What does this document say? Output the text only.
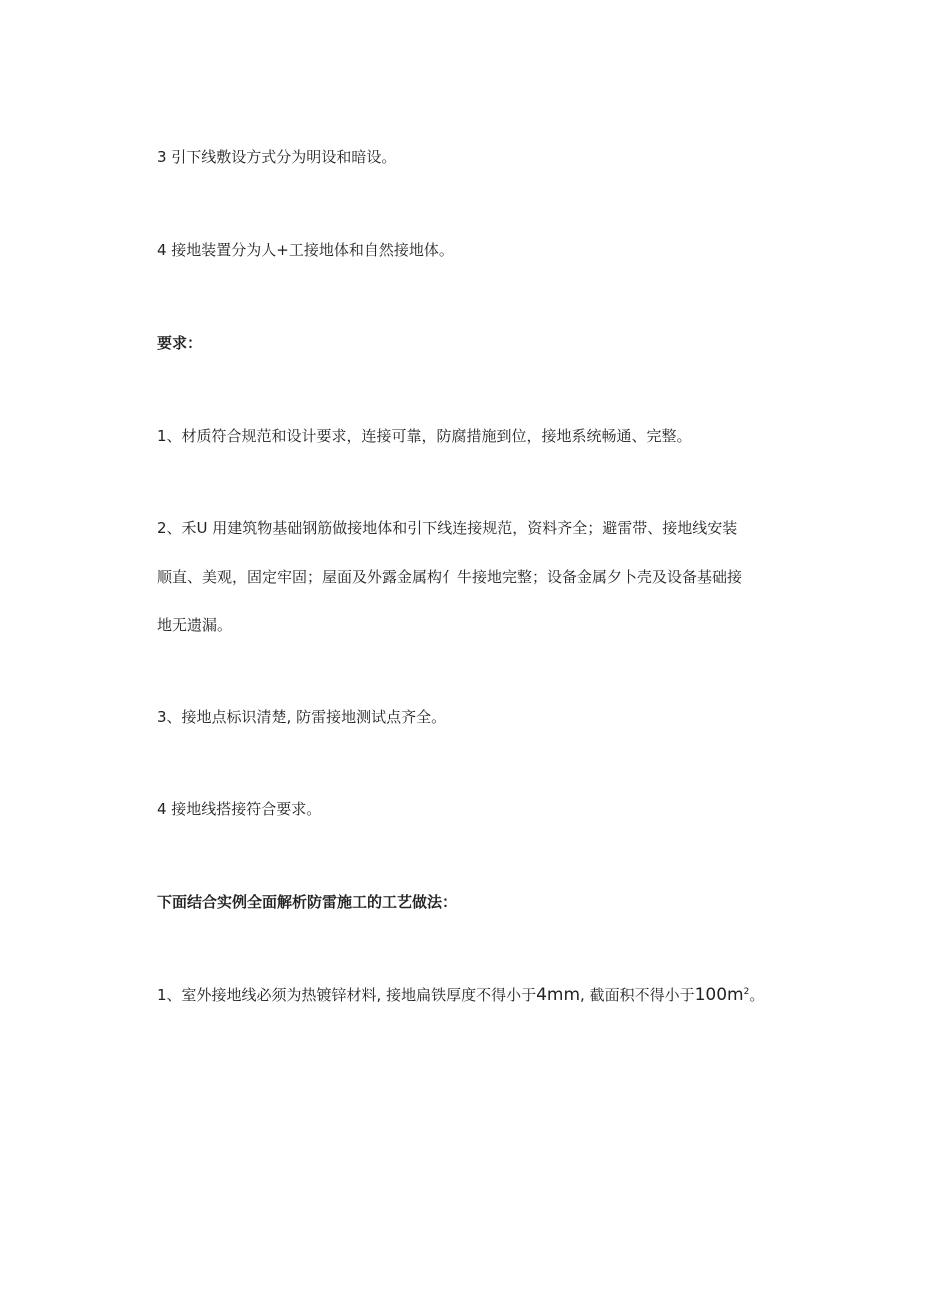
3 引下线敷设方式分为明设和暗设。
4 接地装置分为人+工接地体和自然接地体。
要求：
1、材质符合规范和设计要求，连接可靠，防腐措施到位，接地系统畅通、完整。
2、禾U 用建筑物基础钢筋做接地体和引下线连接规范，资料齐全；避雷带、接地线安装
顺直、美观，固定牢固；屋面及外露金属构亻牛接地完整；设备金属夕卜壳及设备基础接
地无遗漏。
3、接地点标识清楚, 防雷接地测试点齐全。
4 接地线搭接符合要求。
下面结合实例全面解析防雷施工的工艺做法：
1、室外接地线必须为热镀锌材料, 接地扁铁厚度不得小于4mm, 截面积不得小于$100m^2$。
